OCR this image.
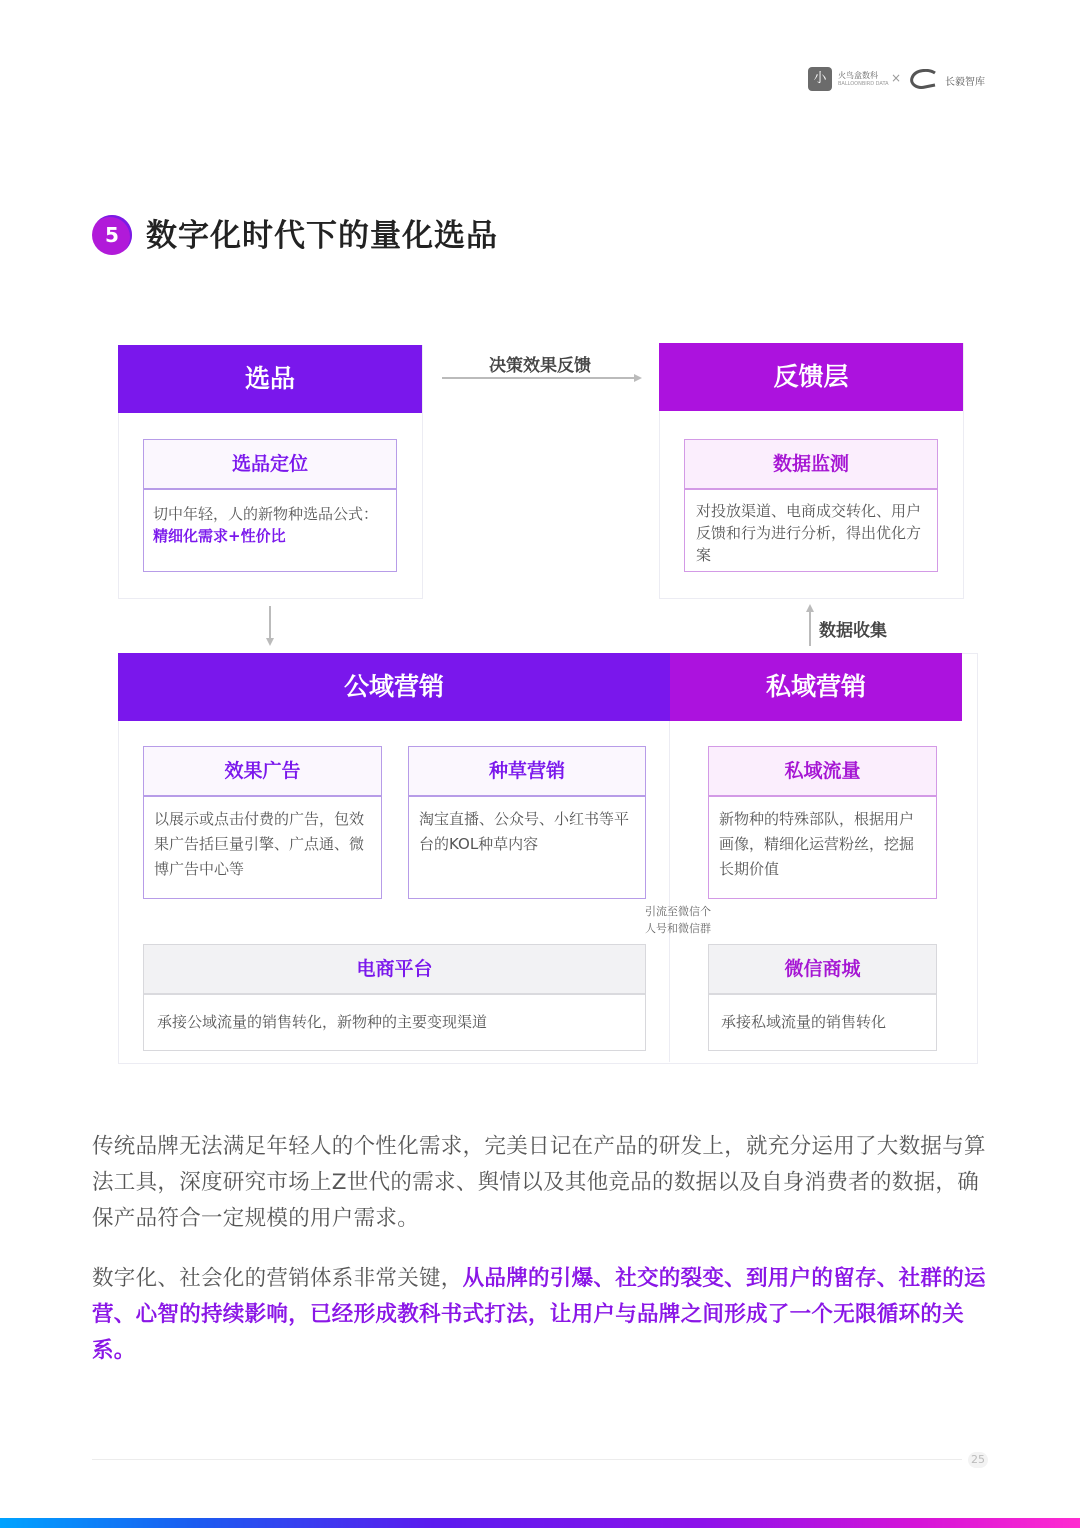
小	火鸟盒数科
BALLOONBIRD DATA ×	长毅智库
5 数字化时代下的量化选品
决策效果反馈
数据收集
选品
选品定位
切中年轻，人的新物种选品公式：精细化需求+性价比
反馈层
数据监测
对投放渠道、电商成交转化、用户反馈和行为进行分析，得出优化方案
公域营销	私域营销
效果广告
以展示或点击付费的广告，包效果广告括巨量引擎、广点通、微博广告中心等
种草营销
淘宝直播、公众号、小红书等平台的KOL种草内容
电商平台
承接公域流量的销售转化，新物种的主要变现渠道
私域流量
新物种的特殊部队，根据用户画像，精细化运营粉丝，挖掘长期价值
微信商城
承接私域流量的销售转化
引流至微信个
人号和微信群
传统品牌无法满足年轻人的个性化需求，完美日记在产品的研发上，就充分运用了大数据与算法工具，深度研究市场上Z世代的需求、舆情以及其他竞品的数据以及自身消费者的数据，确保产品符合一定规模的用户需求。
数字化、社会化的营销体系非常关键，从品牌的引爆、社交的裂变、到用户的留存、社群的运营、心智的持续影响，已经形成教科书式打法，让用户与品牌之间形成了一个无限循环的关系。
25
